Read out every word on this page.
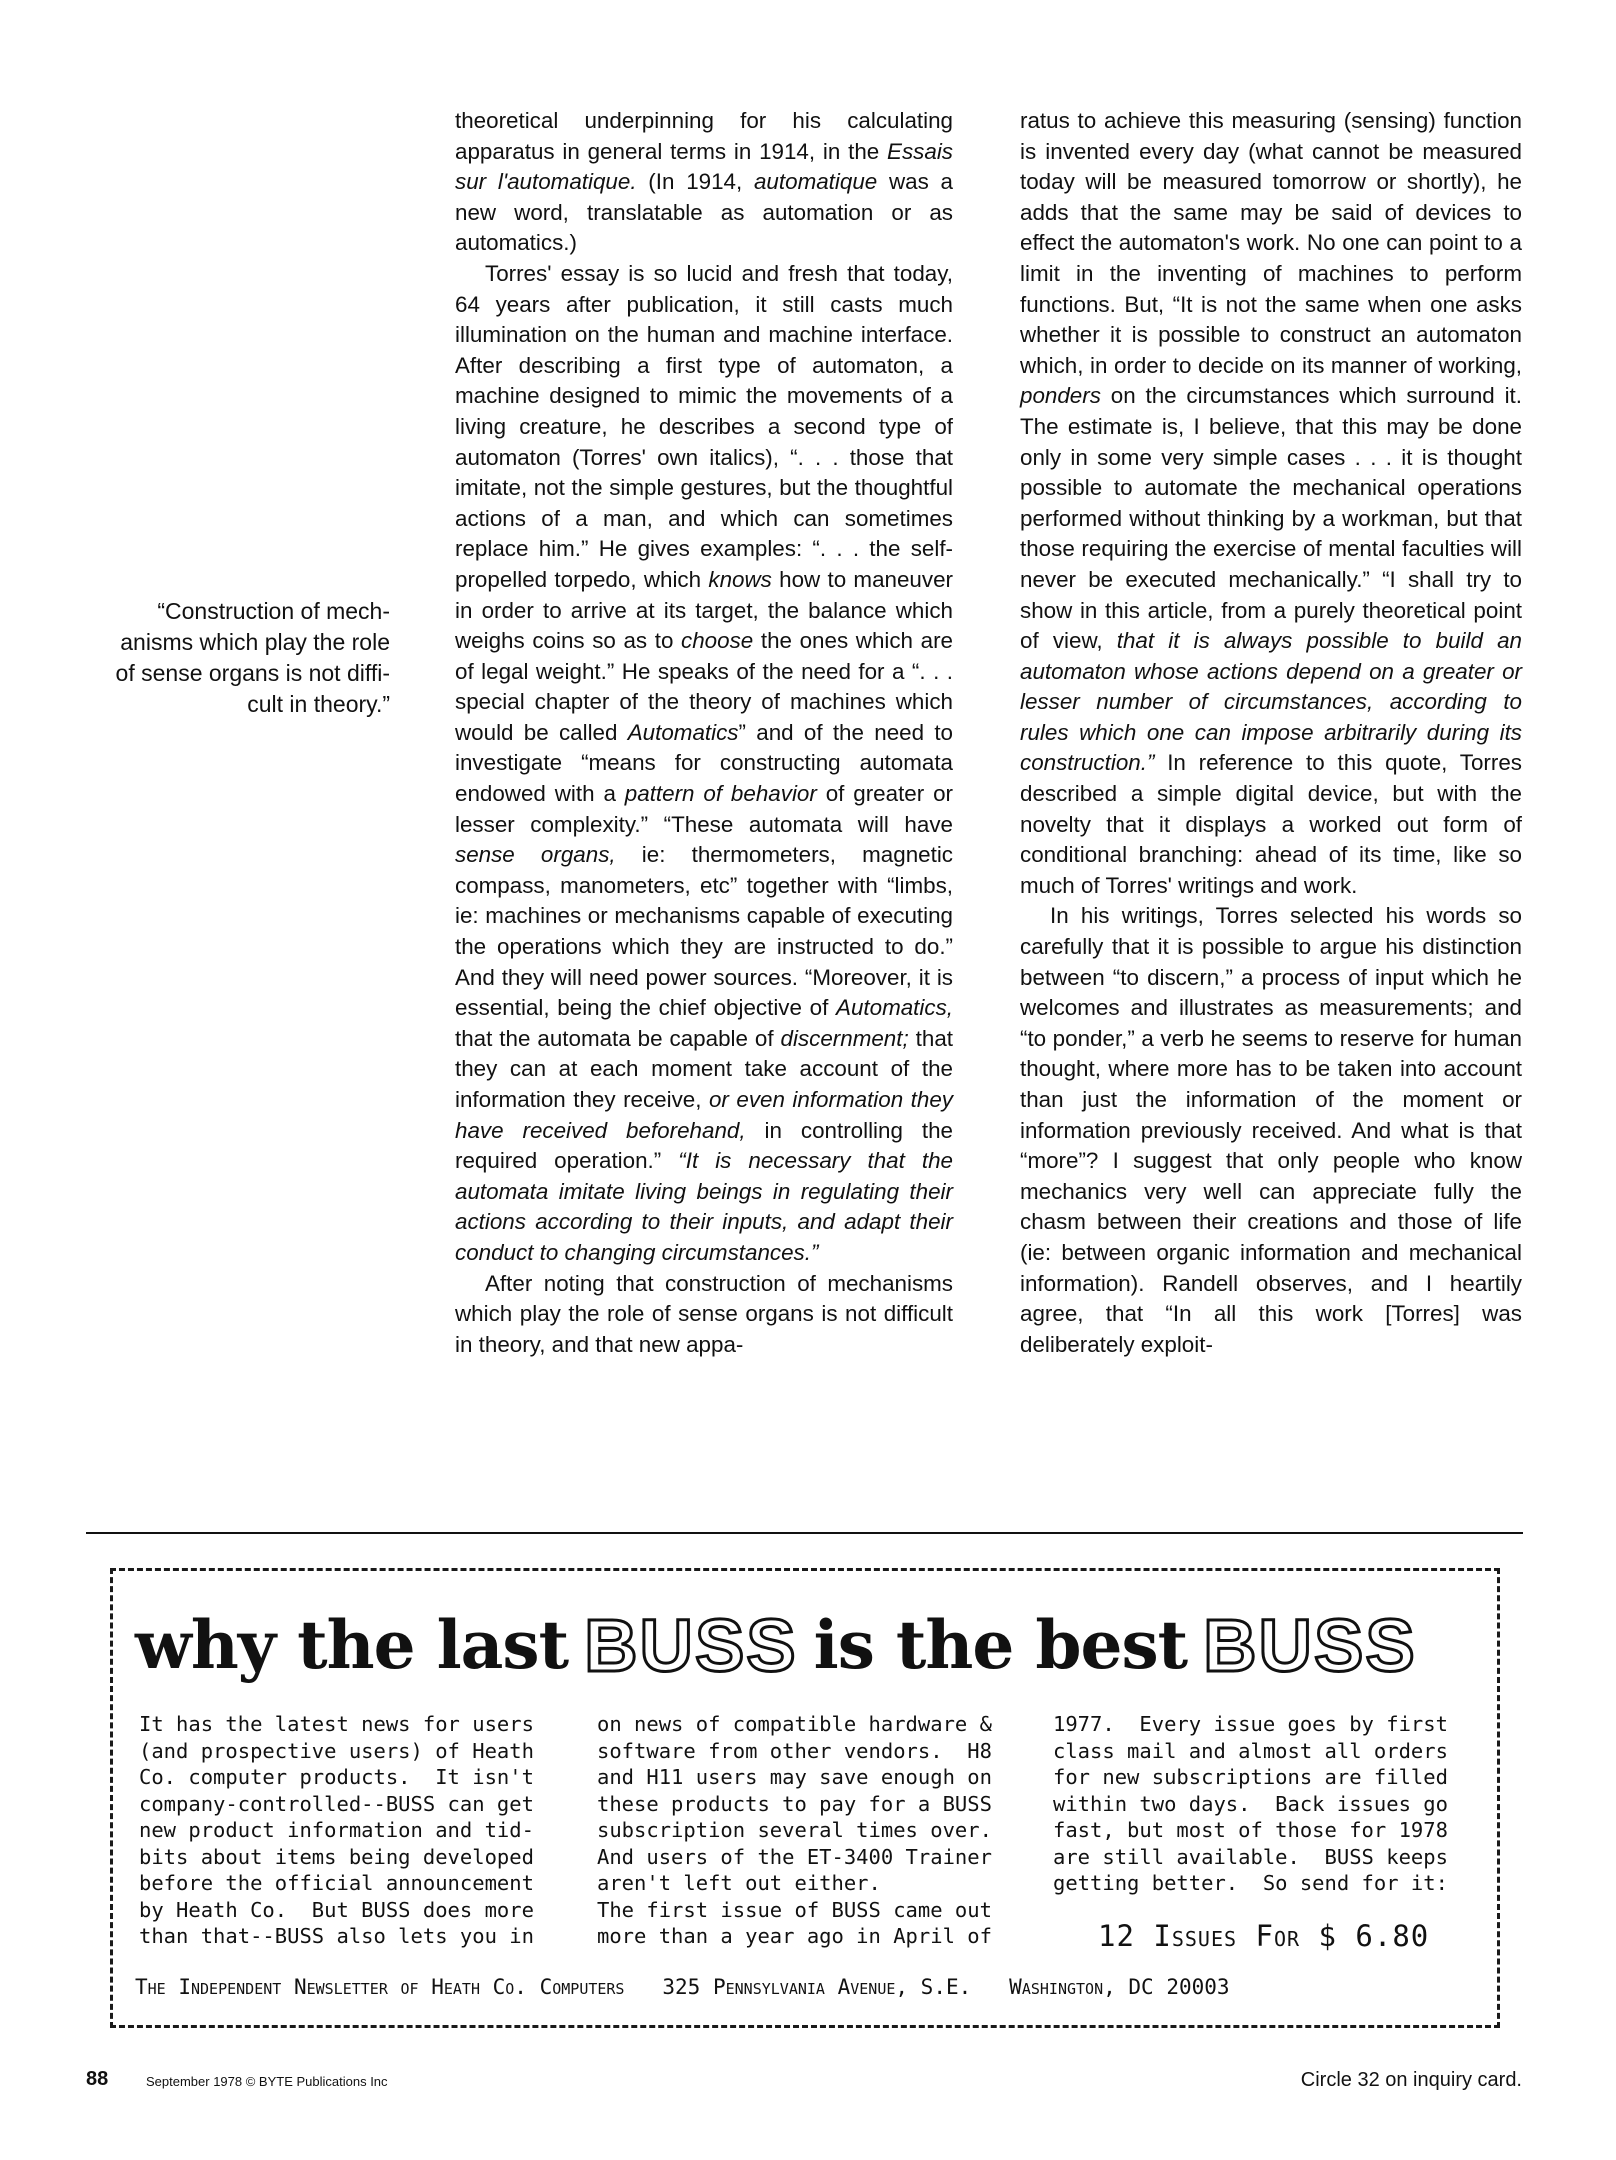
“Construction of mech-
anisms which play the role
of sense organs is not diffi-
cult in theory.”

theoretical underpinning for his calculating apparatus in general terms in 1914, in the Essais sur l'automatique. (In 1914, automatique was a new word, translatable as automation or as automatics.)

Torres' essay is so lucid and fresh that today, 64 years after publication, it still casts much illumination on the human and machine interface. After describing a first type of automaton, a machine designed to mimic the movements of a living creature, he describes a second type of automaton (Torres' own italics), “. . . those that imitate, not the simple gestures, but the thoughtful actions of a man, and which can sometimes replace him.” He gives examples: “. . . the self-propelled torpedo, which knows how to maneuver in order to arrive at its target, the balance which weighs coins so as to choose the ones which are of legal weight.” He speaks of the need for a “. . . special chapter of the theory of machines which would be called Automatics” and of the need to investigate “means for constructing automata endowed with a pattern of behavior of greater or lesser complexity.” “These automata will have sense organs, ie: thermometers, magnetic compass, manometers, etc” together with “limbs, ie: machines or mechanisms capable of executing the operations which they are instructed to do.” And they will need power sources. “Moreover, it is essential, being the chief objective of Automatics, that the automata be capable of discernment; that they can at each moment take account of the information they receive, or even information they have received beforehand, in controlling the required operation.” “It is necessary that the automata imitate living beings in regulating their actions according to their inputs, and adapt their conduct to changing circumstances.”

After noting that construction of mechanisms which play the role of sense organs is not difficult in theory, and that new appa-

ratus to achieve this measuring (sensing) function is invented every day (what cannot be measured today will be measured tomorrow or shortly), he adds that the same may be said of devices to effect the automaton's work. No one can point to a limit in the inventing of machines to perform functions. But, “It is not the same when one asks whether it is possible to construct an automaton which, in order to decide on its manner of working, ponders on the circumstances which surround it. The estimate is, I believe, that this may be done only in some very simple cases . . . it is thought possible to automate the mechanical operations performed without thinking by a workman, but that those requiring the exercise of mental faculties will never be executed mechanically.” “I shall try to show in this article, from a purely theoretical point of view, that it is always possible to build an automaton whose actions depend on a greater or lesser number of circumstances, according to rules which one can impose arbitrarily during its construction.” In reference to this quote, Torres described a simple digital device, but with the novelty that it displays a worked out form of conditional branching: ahead of its time, like so much of Torres' writings and work.

In his writings, Torres selected his words so carefully that it is possible to argue his distinction between “to discern,” a process of input which he welcomes and illustrates as measurements; and “to ponder,” a verb he seems to reserve for human thought, where more has to be taken into account than just the information of the moment or information previously received. And what is that “more”? I suggest that only people who know mechanics very well can appreciate fully the chasm between their creations and those of life (ie: between organic information and mechanical information). Randell observes, and I heartily agree, that “In all this work [Torres] was deliberately exploit-

why the last BUSS is the best BUSS
It has the latest news for users
(and prospective users) of Heath
Co. computer products.  It isn't
company-controlled--BUSS can get
new product information and tid-
bits about items being developed
before the official announcement
by Heath Co.  But BUSS does more
than that--BUSS also lets you in
on news of compatible hardware &
software from other vendors.  H8
and H11 users may save enough on
these products to pay for a BUSS
subscription several times over.
And users of the ET-3400 Trainer
aren't left out either.
The first issue of BUSS came out
more than a year ago in April of
1977.  Every issue goes by first
class mail and almost all orders
for new subscriptions are filled
within two days.  Back issues go
fast, but most of those for 1978
are still available.  BUSS keeps
getting better.  So send for it:
12 Issues For $ 6.80
The Independent Newsletter of Heath Co. Computers   325 Pennsylvania Avenue, S.E.   Washington, DC 20003
88	September 1978 © BYTE Publications Inc	Circle 32 on inquiry card.
